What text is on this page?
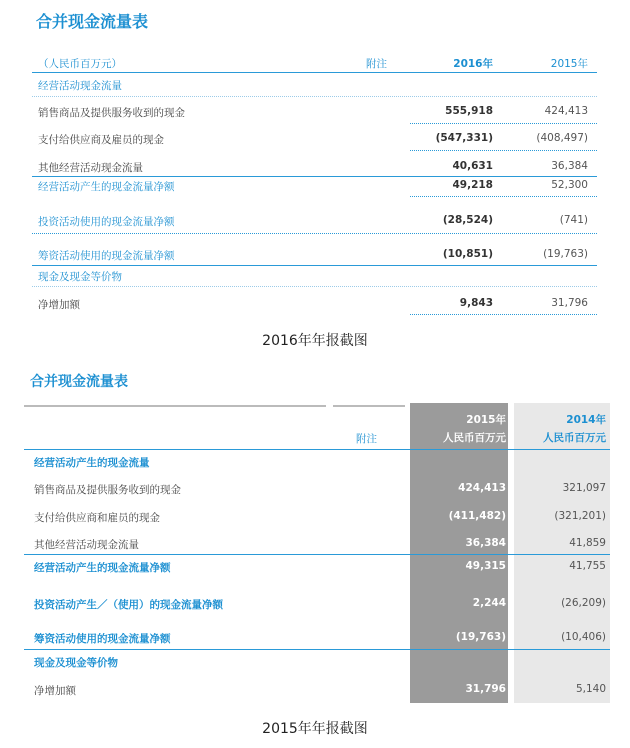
合并现金流量表
（人民币百万元）	附注	2016年	2015年
经营活动现金流量
销售商品及提供服务收到的现金	555,918	424,413
支付给供应商及雇员的现金	(547,331)	(408,497)
其他经营活动现金流量	40,631	36,384
经营活动产生的现金流量净额	49,218	52,300
投资活动使用的现金流量净额	(28,524)	(741)
筹资活动使用的现金流量净额	(10,851)	(19,763)
现金及现金等价物
净增加额	9,843	31,796
2016年年报截图
合并现金流量表
附注
2015年
人民币百万元
2014年
人民币百万元
经营活动产生的现金流量
销售商品及提供服务收到的现金	424,413	321,097
支付给供应商和雇员的现金	(411,482)	(321,201)
其他经营活动现金流量	36,384	41,859
经营活动产生的现金流量净额	49,315	41,755
投资活动产生／（使用）的现金流量净额	2,244	(26,209)
筹资活动使用的现金流量净额	(19,763)	(10,406)
现金及现金等价物
净增加额	31,796	5,140
2015年年报截图
